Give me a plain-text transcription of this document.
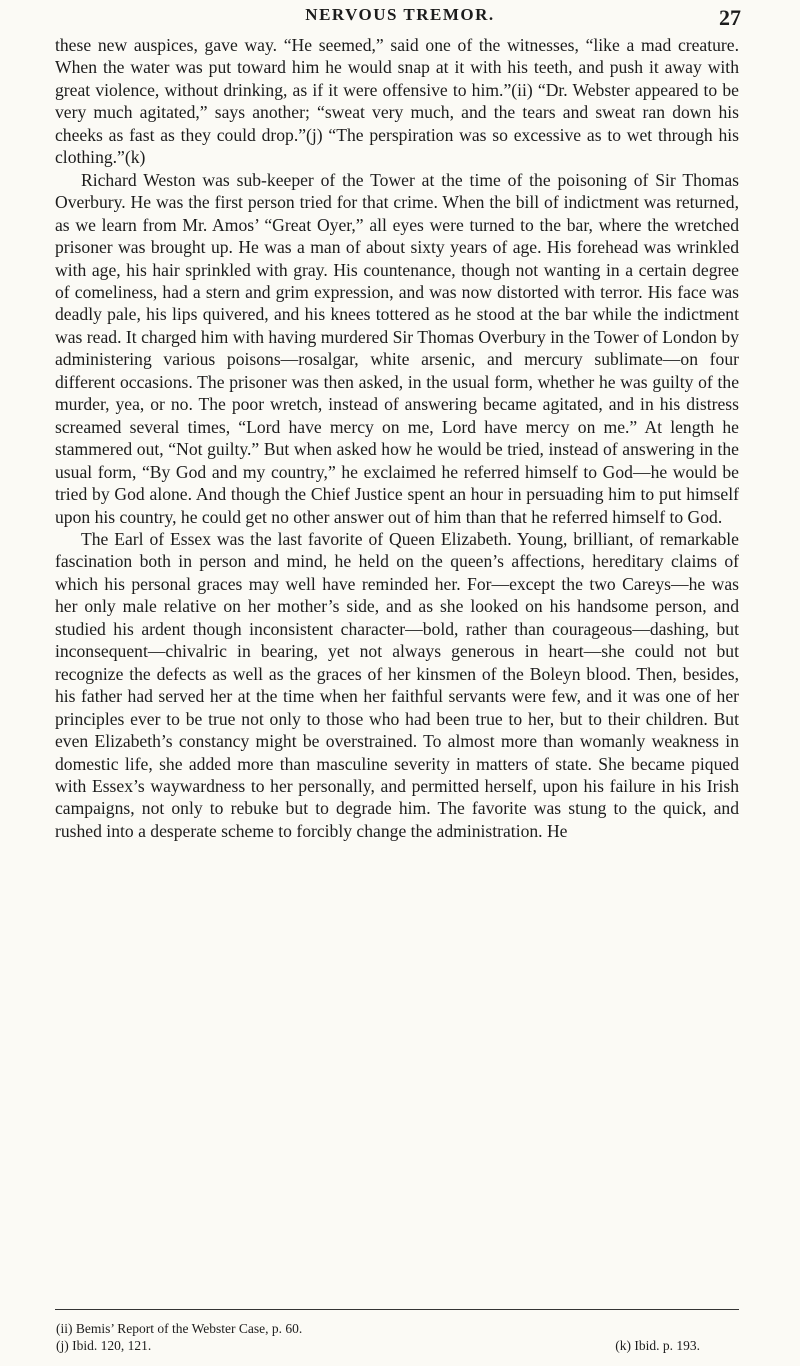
NERVOUS TREMOR.	27

these new auspices, gave way. “He seemed,” said one of the witnesses, “like a mad creature. When the water was put toward him he would snap at it with his teeth, and push it away with great violence, without drinking, as if it were offensive to him.”(ii) “Dr. Webster appeared to be very much agitated,” says another; “sweat very much, and the tears and sweat ran down his cheeks as fast as they could drop.”(j) “The perspiration was so excessive as to wet through his clothing.”(k)

Richard Weston was sub-keeper of the Tower at the time of the poisoning of Sir Thomas Overbury. He was the first person tried for that crime. When the bill of indictment was returned, as we learn from Mr. Amos’ “Great Oyer,” all eyes were turned to the bar, where the wretched prisoner was brought up. He was a man of about sixty years of age. His forehead was wrinkled with age, his hair sprinkled with gray. His countenance, though not wanting in a certain degree of comeliness, had a stern and grim expression, and was now distorted with terror. His face was deadly pale, his lips quivered, and his knees tottered as he stood at the bar while the indictment was read. It charged him with having murdered Sir Thomas Overbury in the Tower of London by administering various poisons—rosalgar, white arsenic, and mercury sublimate—on four different occasions. The prisoner was then asked, in the usual form, whether he was guilty of the murder, yea, or no. The poor wretch, instead of answering became agitated, and in his distress screamed several times, “Lord have mercy on me, Lord have mercy on me.” At length he stammered out, “Not guilty.” But when asked how he would be tried, instead of answering in the usual form, “By God and my country,” he exclaimed he referred himself to God—he would be tried by God alone. And though the Chief Justice spent an hour in persuading him to put himself upon his country, he could get no other answer out of him than that he referred himself to God.

The Earl of Essex was the last favorite of Queen Elizabeth. Young, brilliant, of remarkable fascination both in person and mind, he held on the queen’s affections, hereditary claims of which his personal graces may well have reminded her. For—except the two Careys—he was her only male relative on her mother’s side, and as she looked on his handsome person, and studied his ardent though inconsistent character—bold, rather than courageous—dashing, but inconsequent—chivalric in bearing, yet not always generous in heart—she could not but recognize the defects as well as the graces of her kinsmen of the Boleyn blood. Then, besides, his father had served her at the time when her faithful servants were few, and it was one of her principles ever to be true not only to those who had been true to her, but to their children. But even Elizabeth’s constancy might be overstrained. To almost more than womanly weakness in domestic life, she added more than masculine severity in matters of state. She became piqued with Essex’s waywardness to her personally, and permitted herself, upon his failure in his Irish campaigns, not only to rebuke but to degrade him. The favorite was stung to the quick, and rushed into a desperate scheme to forcibly change the administration. He

(ii) Bemis’ Report of the Webster Case, p. 60.
(j) Ibid. 120, 121.	(k) Ibid. p. 193.
